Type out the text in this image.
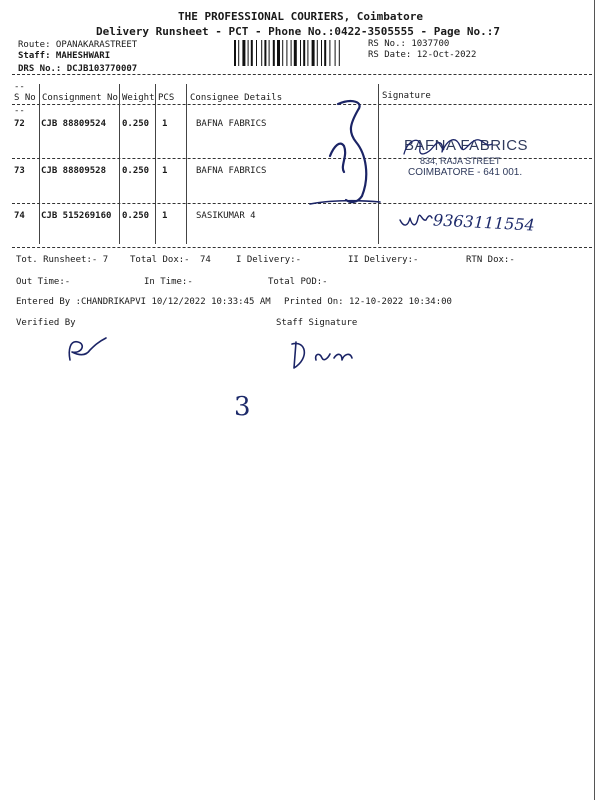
THE PROFESSIONAL COURIERS, Coimbatore
Delivery Runsheet - PCT - Phone No.:0422-3505555 - Page No.:7
Route: OPANAKARASTREET
Staff: MAHESHWARI
DRS No.: DCJB103770007
RS No.: 1037700
RS Date: 12-Oct-2022
--
S No Consignment No Weight PCS Consignee Details	Signature
--
72 CJB 88809524 0.250 1	BAFNA FABRICS
73 CJB 88809528 0.250 1	BAFNA FABRICS
74 CJB 515269160 0.250 1	SASIKUMAR 4
BAFNA FABRICS
834, RAJA STREET
COIMBATORE - 641 001.
9363111554
Tot. Runsheet:- 7 Total Dox:- 74	I Delivery:-	II Delivery:-	RTN Dox:-
Out Time:-	In Time:-	Total POD:-
Entered By :CHANDRIKAPVI 10/12/2022 10:33:45 AM Printed On: 12-10-2022 10:34:00
Verified By	Staff Signature
3
